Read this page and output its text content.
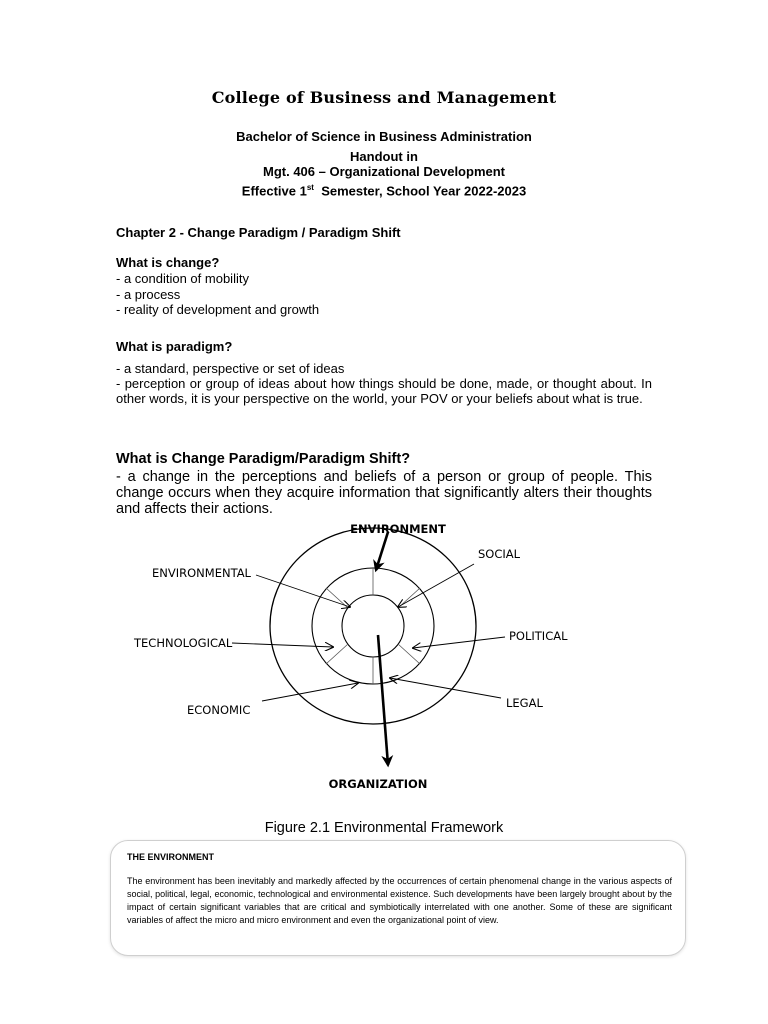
College of Business and Management
Bachelor of Science in Business Administration
Handout in
Mgt. 406 – Organizational Development
Effective 1st Semester, School Year 2022-2023
Chapter 2 - Change Paradigm / Paradigm Shift
What is change?
- a condition of mobility
- a process
- reality of development and growth
What is paradigm?
- a standard, perspective or set of ideas
- perception or group of ideas about how things should be done, made, or thought about. In other words, it is your perspective on the world, your POV or your beliefs about what is true.
What is Change Paradigm/Paradigm Shift?
- a change in the perceptions and beliefs of a person or group of people. This change occurs when they acquire information that significantly alters their thoughts and affects their actions.
ENVIRONMENT
ORGANIZATION
ENVIRONMENTAL
TECHNOLOGICAL
ECONOMIC
SOCIAL
POLITICAL
LEGAL
Figure 2.1 Environmental Framework
THE ENVIRONMENT
The environment has been inevitably and markedly affected by the occurrences of certain phenomenal change in the various aspects of social, political, legal, economic, technological and environmental existence. Such developments have been largely brought about by the impact of certain significant variables that are critical and symbiotically interrelated with one another. Some of these are significant variables of affect the micro and micro environment and even the organizational point of view.
